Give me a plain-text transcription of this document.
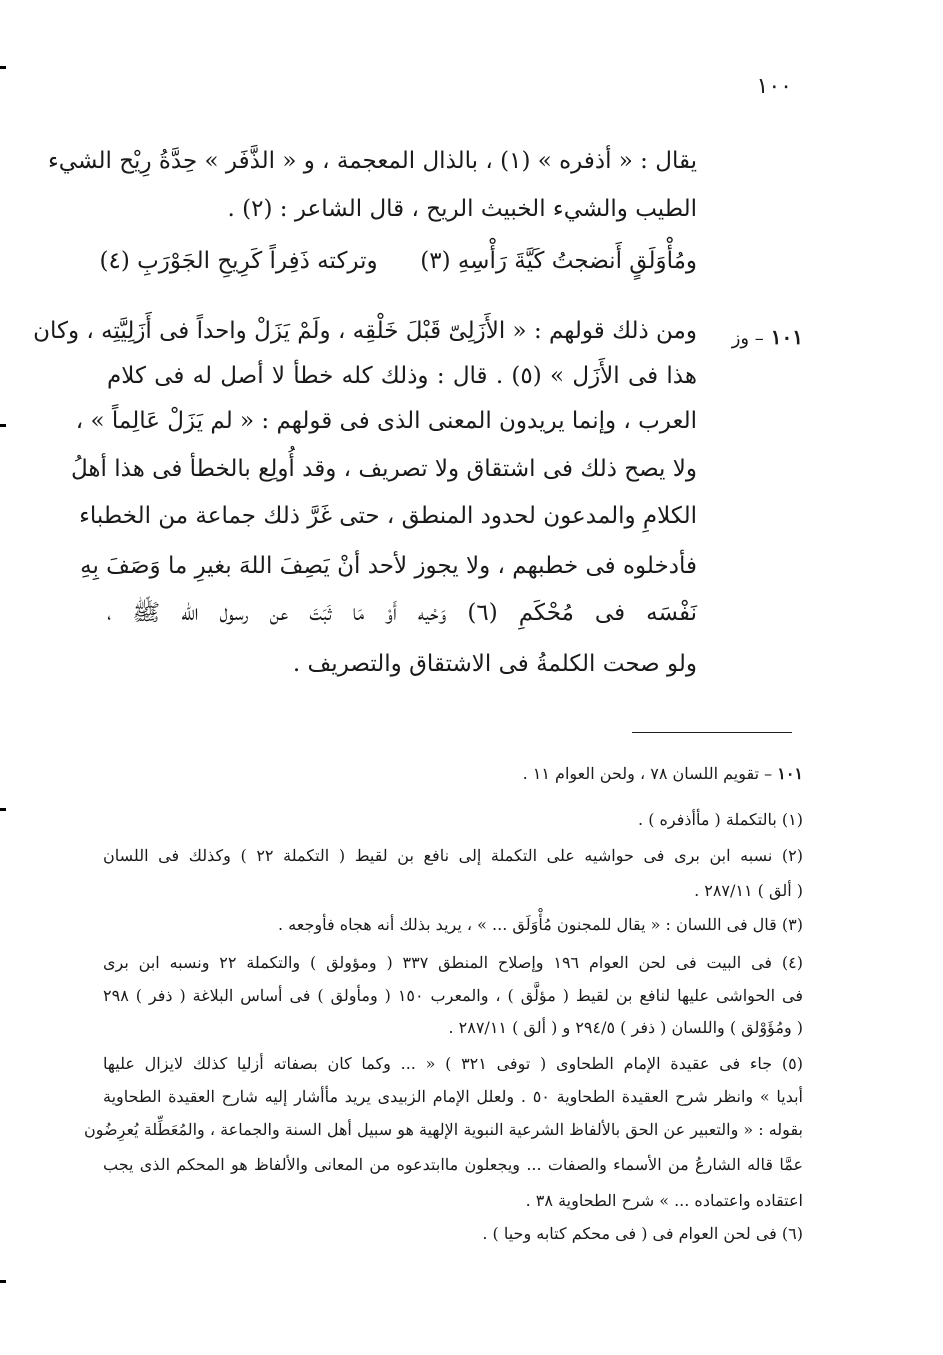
١٠٠
يقال : « أذفره » (١) ، بالذال المعجمة ، و « الذَّفَر » حِدَّةُ رِيْح الشيء
الطيب والشيء الخبيث الريح ، قال الشاعر : (٢) .
ومُأْوَلَقٍ أَنضجتُ كَيَّةَ رَأْسِهِ (٣)  وتركته ذَفِراً كَرِيحِ الجَوْرَبِ (٤)
١٠١ – وز
ومن ذلك قولهم : « الأَزَلِىّ قَبْلَ خَلْقِه ، ولَمْ يَزَلْ واحداً فى أَزَلِيَّتِه ، وكان
هذا فى الأَزَل » (٥) . قال : وذلك كله خطأ لا أصل له فى كلام
العرب ، وإنما يريدون المعنى الذى فى قولهم : « لم يَزَلْ عَالِماً » ،
ولا يصح ذلك فى اشتقاق ولا تصريف ، وقد أُولِع بالخطأ فى هذا أهلُ
الكلامِ والمدعون لحدود المنطق ، حتى غَرَّ ذلك جماعة من الخطباء
فأدخلوه فى خطبهم ، ولا يجوز لأحد أنْ يَصِفَ اللهَ بغيرِ ما وَصَفَ بِهِ
نَفْسَه فى مُحْكَمِ (٦) وَحْيه أَوْ مَا ثَبَتَ عن رسول الله ﷺ ،
ولو صحت الكلمةُ فى الاشتقاق والتصريف .
١٠١ – تقويم اللسان ٧٨ ، ولحن العوام ١١ .
(١) بالتكملة ( مأأذفره ) .
(٢) نسبه ابن برى فى حواشيه على التكملة إلى نافع بن لقيط ( التكملة ٢٢ ) وكذلك فى اللسان
( ألق ) ٢٨٧/١١ .
(٣) قال فى اللسان : « يقال للمجنون مُأْوَلَق ... » ، يريد بذلك أنه هجاه فأوجعه .
(٤) فى البيت فى لحن العوام ١٩٦ وإصلاح المنطق ٣٣٧ ( ومؤولق ) والتكملة ٢٢ ونسبه ابن برى
فى الحواشى عليها لنافع بن لقيط ( مؤلَّق ) ، والمعرب ١٥٠ ( ومأولق ) فى أساس البلاغة ( ذفر ) ٢٩٨
( ومُؤَوْلق ) واللسان ( ذفر ) ٢٩٤/٥ و ( ألق ) ٢٨٧/١١ .
(٥) جاء فى عقيدة الإمام الطحاوى ( توفى ٣٢١ ) « ... وكما كان بصفاته أزليا كذلك لايزال عليها
أبديا » وانظر شرح العقيدة الطحاوية ٥٠ . ولعلل الإمام الزبيدى يريد مأأشار إليه شارح العقيدة الطحاوية
بقوله : « والتعبير عن الحق بالألفاظ الشرعية النبوية الإلهية هو سبيل أهل السنة والجماعة ، والمُعَطِّلة يُعرِضُون
عمَّا قاله الشارعُ من الأسماء والصفات ... ويجعلون ماابتدعوه من المعانى والألفاظ هو المحكم الذى يجب
اعتقاده واعتماده ... » شرح الطحاوية ٣٨ .
(٦) فى لحن العوام فى ( فى محكم كتابه وحيا ) .
